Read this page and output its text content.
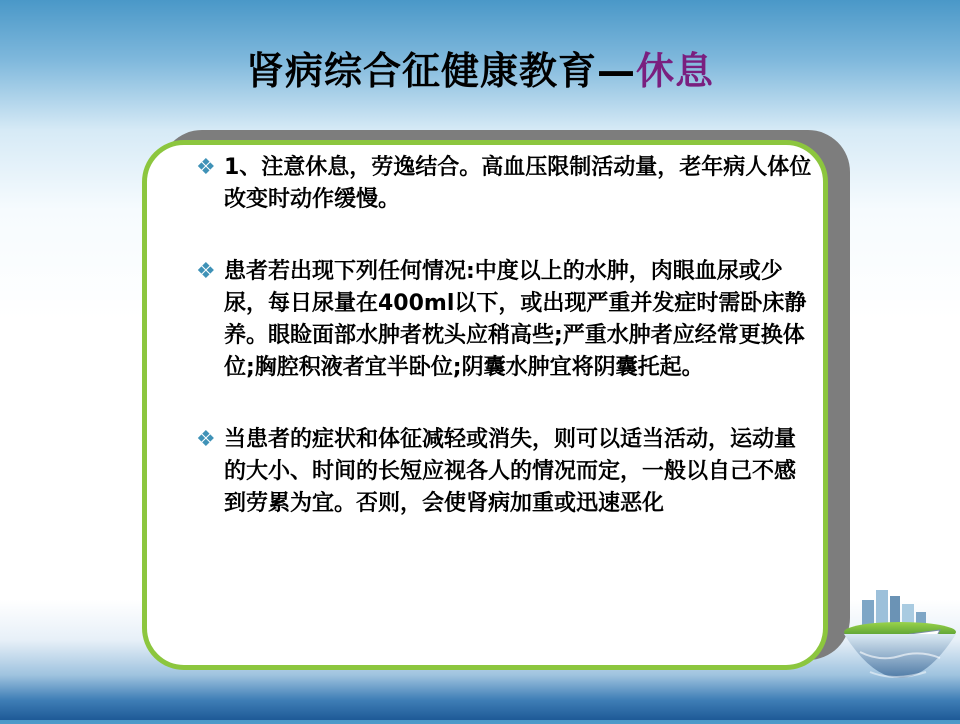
肾病综合征健康教育—休息
❖ 1、注意休息，劳逸结合。高血压限制活动量，老年病人体位改变时动作缓慢。
❖ 患者若出现下列任何情况:中度以上的水肿，肉眼血尿或少尿，每日尿量在400ml以下，或出现严重并发症时需卧床静养。眼睑面部水肿者枕头应稍高些;严重水肿者应经常更换体位;胸腔积液者宜半卧位;阴囊水肿宜将阴囊托起。
❖ 当患者的症状和体征减轻或消失，则可以适当活动，运动量的大小、时间的长短应视各人的情况而定，一般以自己不感到劳累为宜。否则，会使肾病加重或迅速恶化
